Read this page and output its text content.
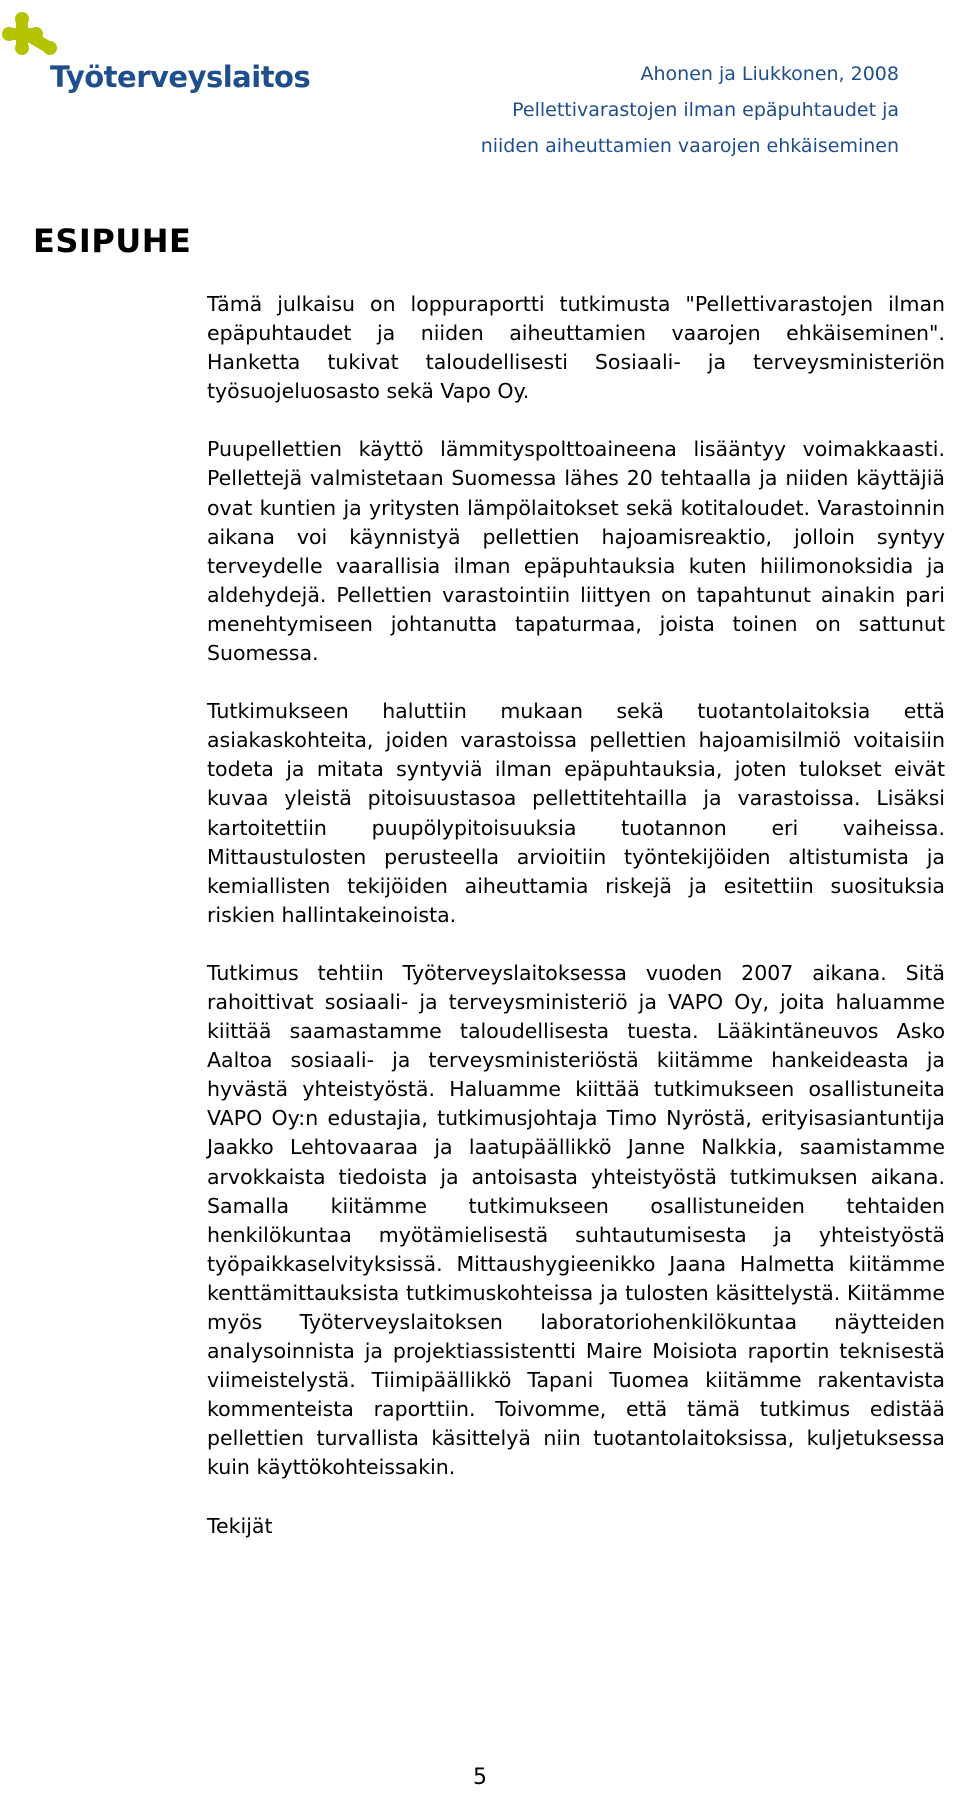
Työterveyslaitos	Ahonen ja Liukkonen, 2008
Pellettivarastojen ilman epäpuhtaudet ja
niiden aiheuttamien vaarojen ehkäiseminen
ESIPUHE

Tämä julkaisu on loppuraportti tutkimusta "Pellettivarastojen ilman epäpuhtaudet ja niiden aiheuttamien vaarojen ehkäiseminen". Hanketta tukivat taloudellisesti Sosiaali- ja terveysministeriön työsuojeluosasto sekä Vapo Oy.

Puupellettien käyttö lämmityspolttoaineena lisääntyy voimakkaasti. Pellettejä valmistetaan Suomessa lähes 20 tehtaalla ja niiden käyttäjiä ovat kuntien ja yritysten lämpölaitokset sekä kotitaloudet. Varastoinnin aikana voi käynnistyä pellettien hajoamisreaktio, jolloin syntyy terveydelle vaarallisia ilman epäpuhtauksia kuten hiilimonoksidia ja aldehydejä. Pellettien varastointiin liittyen on tapahtunut ainakin pari menehtymiseen johtanutta tapaturmaa, joista toinen on sattunut Suomessa.

Tutkimukseen haluttiin mukaan sekä tuotantolaitoksia että asiakaskohteita, joiden varastoissa pellettien hajoamisilmiö voitaisiin todeta ja mitata syntyviä ilman epäpuhtauksia, joten tulokset eivät kuvaa yleistä pitoisuustasoa pellettitehtailla ja varastoissa. Lisäksi kartoitettiin puupölypitoisuuksia tuotannon eri vaiheissa. Mittaustulosten perusteella arvioitiin työntekijöiden altistumista ja kemiallisten tekijöiden aiheuttamia riskejä ja esitettiin suosituksia riskien hallintakeinoista.

Tutkimus tehtiin Työterveyslaitoksessa vuoden 2007 aikana. Sitä rahoittivat sosiaali- ja terveysministeriö ja VAPO Oy, joita haluamme kiittää saamastamme taloudellisesta tuesta. Lääkintäneuvos Asko Aaltoa sosiaali- ja terveysministeriöstä kiitämme hankeideasta ja hyvästä yhteistyöstä. Haluamme kiittää tutkimukseen osallistuneita VAPO Oy:n edustajia, tutkimusjohtaja Timo Nyröstä, erityisasiantuntija Jaakko Lehtovaaraa ja laatupäällikkö Janne Nalkkia, saamistamme arvokkaista tiedoista ja antoisasta yhteistyöstä tutkimuksen aikana. Samalla kiitämme tutkimukseen osallistuneiden tehtaiden henkilökuntaa myötämielisestä suhtautumisesta ja yhteistyöstä työpaikkaselvityksissä. Mittaushygieenikko Jaana Halmetta kiitämme kenttämittauksista tutkimuskohteissa ja tulosten käsittelystä. Kiitämme myös Työterveyslaitoksen laboratoriohenkilökuntaa näytteiden analysoinnista ja projektiassistentti Maire Moisiota raportin teknisestä viimeistelystä. Tiimipäällikkö Tapani Tuomea kiitämme rakentavista kommenteista raporttiin. Toivomme, että tämä tutkimus edistää pellettien turvallista käsittelyä niin tuotantolaitoksissa, kuljetuksessa kuin käyttökohteissakin.

Tekijät

5
